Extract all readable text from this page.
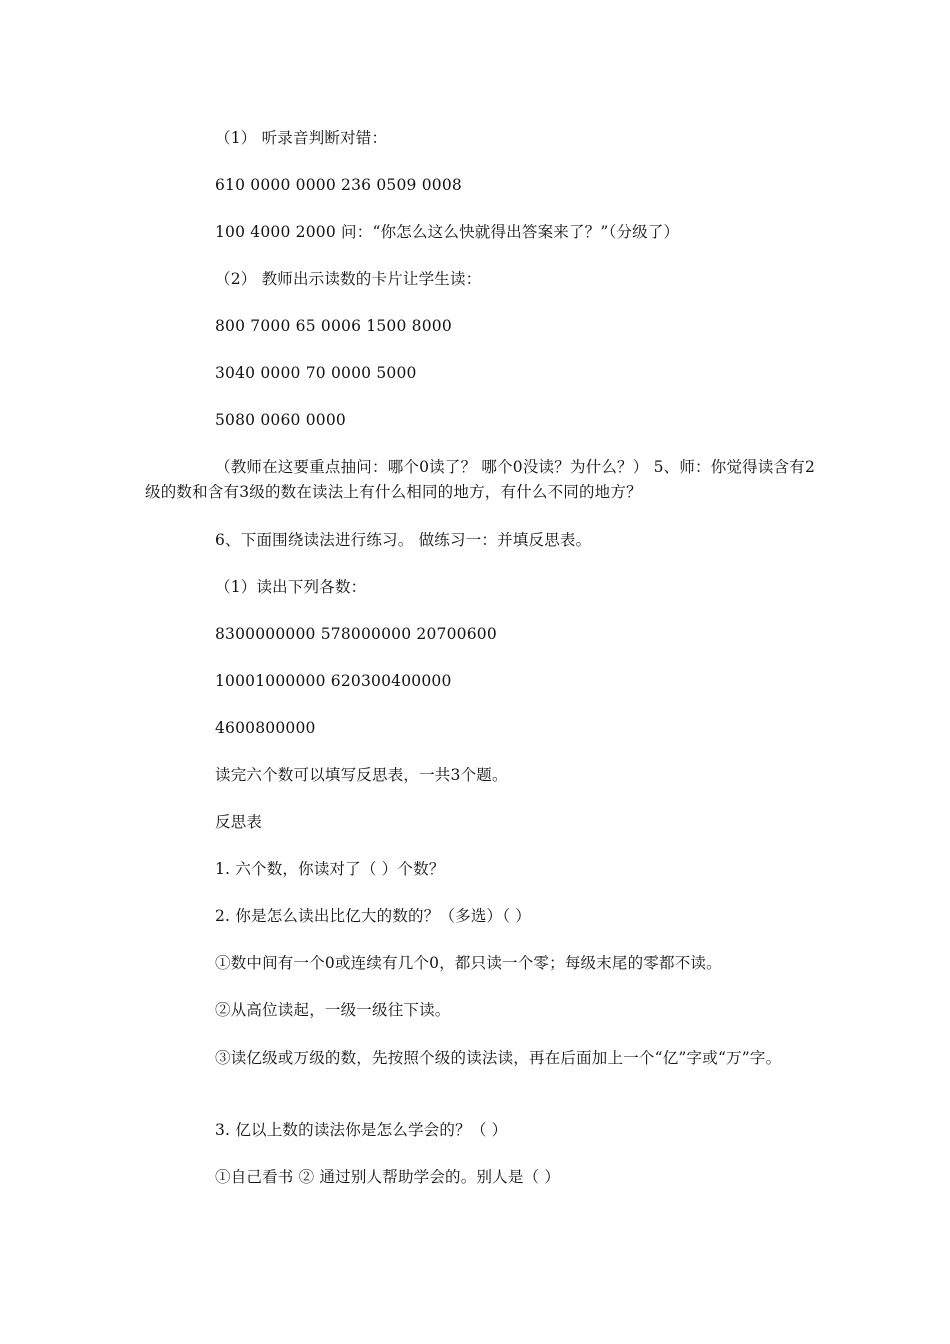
（1） 听录音判断对错：
610 0000 0000 236 0509 0008
100 4000 2000 问：“你怎么这么快就得出答案来了？”（分级了）
（2） 教师出示读数的卡片让学生读：
800 7000 65 0006 1500 8000
3040 0000 70 0000 5000
5080 0060 0000
（教师在这要重点抽问：哪个0读了？ 哪个0没读？为什么？） 5、师：你觉得读含有2级的数和含有3级的数在读法上有什么相同的地方，有什么不同的地方？
6、下面围绕读法进行练习。 做练习一：并填反思表。
（1）读出下列各数：
8300000000 578000000 20700600
10001000000 620300400000
4600800000
读完六个数可以填写反思表，一共3个题。
反思表
1. 六个数，你读对了（ ）个数？
2. 你是怎么读出比亿大的数的？（多选）（ ）
①数中间有一个0或连续有几个0，都只读一个零；每级末尾的零都不读。
②从高位读起，一级一级往下读。
③读亿级或万级的数，先按照个级的读法读，再在后面加上一个“亿”字或“万”字。
3. 亿以上数的读法你是怎么学会的？（ ）
①自己看书 ② 通过别人帮助学会的。别人是（ ）
